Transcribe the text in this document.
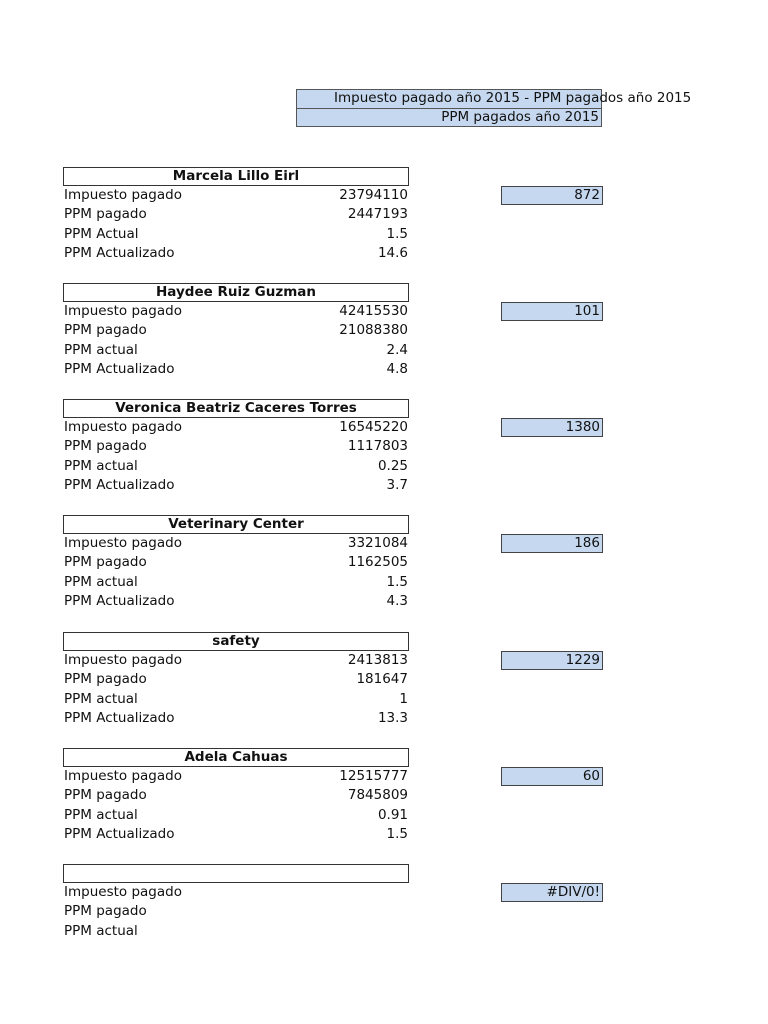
Impuesto pagado año 2015 - PPM pagados año 2015
PPM pagados año 2015
Marcela Lillo Eirl
Impuesto pagado	23794110
PPM pagado	2447193
PPM Actual	1.5
PPM Actualizado	14.6
872
Haydee Ruiz Guzman
Impuesto pagado	42415530
PPM pagado	21088380
PPM actual	2.4
PPM Actualizado	4.8
101
Veronica Beatriz Caceres Torres
Impuesto pagado	16545220
PPM pagado	1117803
PPM actual	0.25
PPM Actualizado	3.7
1380
Veterinary Center
Impuesto pagado	3321084
PPM pagado	1162505
PPM actual	1.5
PPM Actualizado	4.3
186
safety
Impuesto pagado	2413813
PPM pagado	181647
PPM actual	1
PPM Actualizado	13.3
1229
Adela Cahuas
Impuesto pagado	12515777
PPM pagado	7845809
PPM actual	0.91
PPM Actualizado	1.5
60
Impuesto pagado
PPM pagado
PPM actual
#DIV/0!
